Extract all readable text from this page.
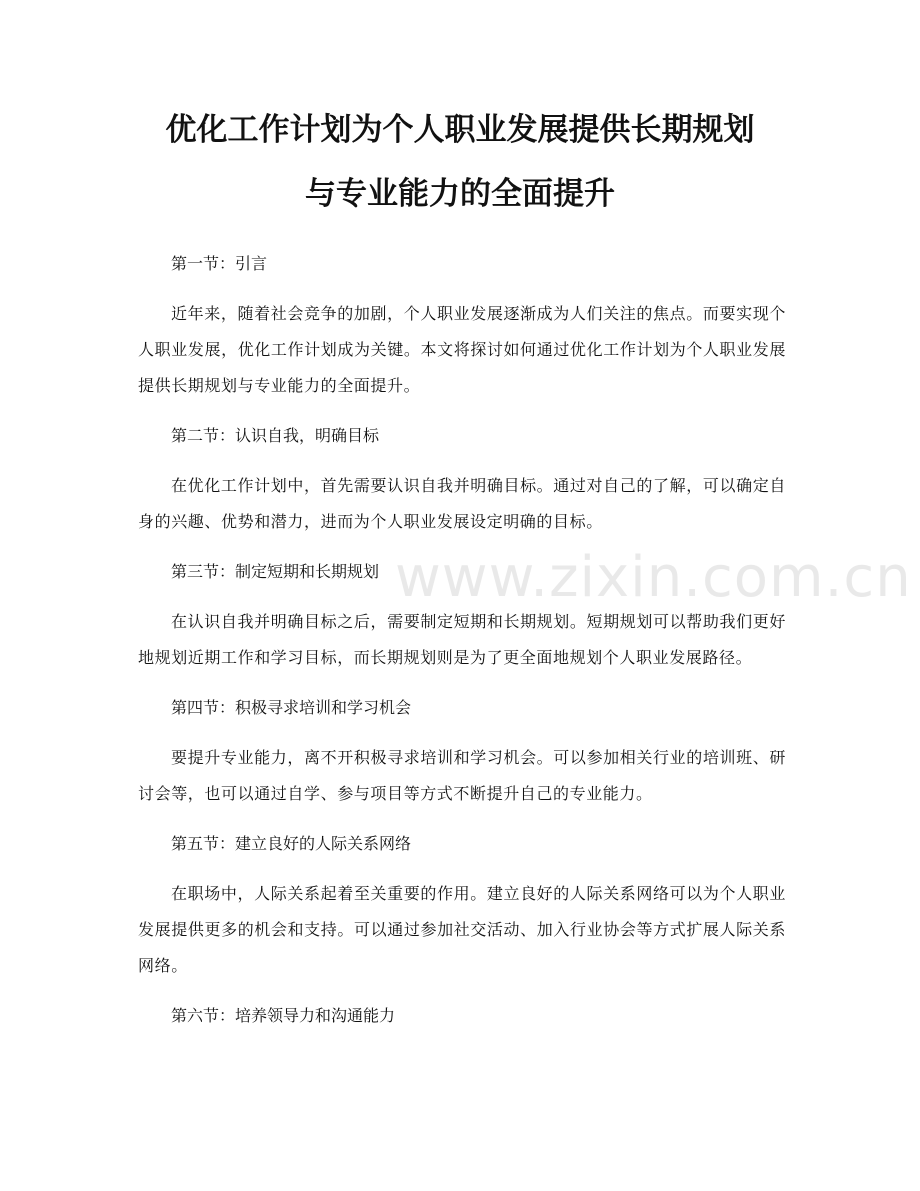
优化工作计划为个人职业发展提供长期规划
与专业能力的全面提升
www.zixin.com.cn

第一节：引言

近年来，随着社会竞争的加剧，个人职业发展逐渐成为人们关注的焦点。而要实现个人职业发展，优化工作计划成为关键。本文将探讨如何通过优化工作计划为个人职业发展提供长期规划与专业能力的全面提升。

第二节：认识自我，明确目标

在优化工作计划中，首先需要认识自我并明确目标。通过对自己的了解，可以确定自身的兴趣、优势和潜力，进而为个人职业发展设定明确的目标。

第三节：制定短期和长期规划

在认识自我并明确目标之后，需要制定短期和长期规划。短期规划可以帮助我们更好地规划近期工作和学习目标，而长期规划则是为了更全面地规划个人职业发展路径。

第四节：积极寻求培训和学习机会

要提升专业能力，离不开积极寻求培训和学习机会。可以参加相关行业的培训班、研讨会等，也可以通过自学、参与项目等方式不断提升自己的专业能力。

第五节：建立良好的人际关系网络

在职场中，人际关系起着至关重要的作用。建立良好的人际关系网络可以为个人职业发展提供更多的机会和支持。可以通过参加社交活动、加入行业协会等方式扩展人际关系网络。

第六节：培养领导力和沟通能力
